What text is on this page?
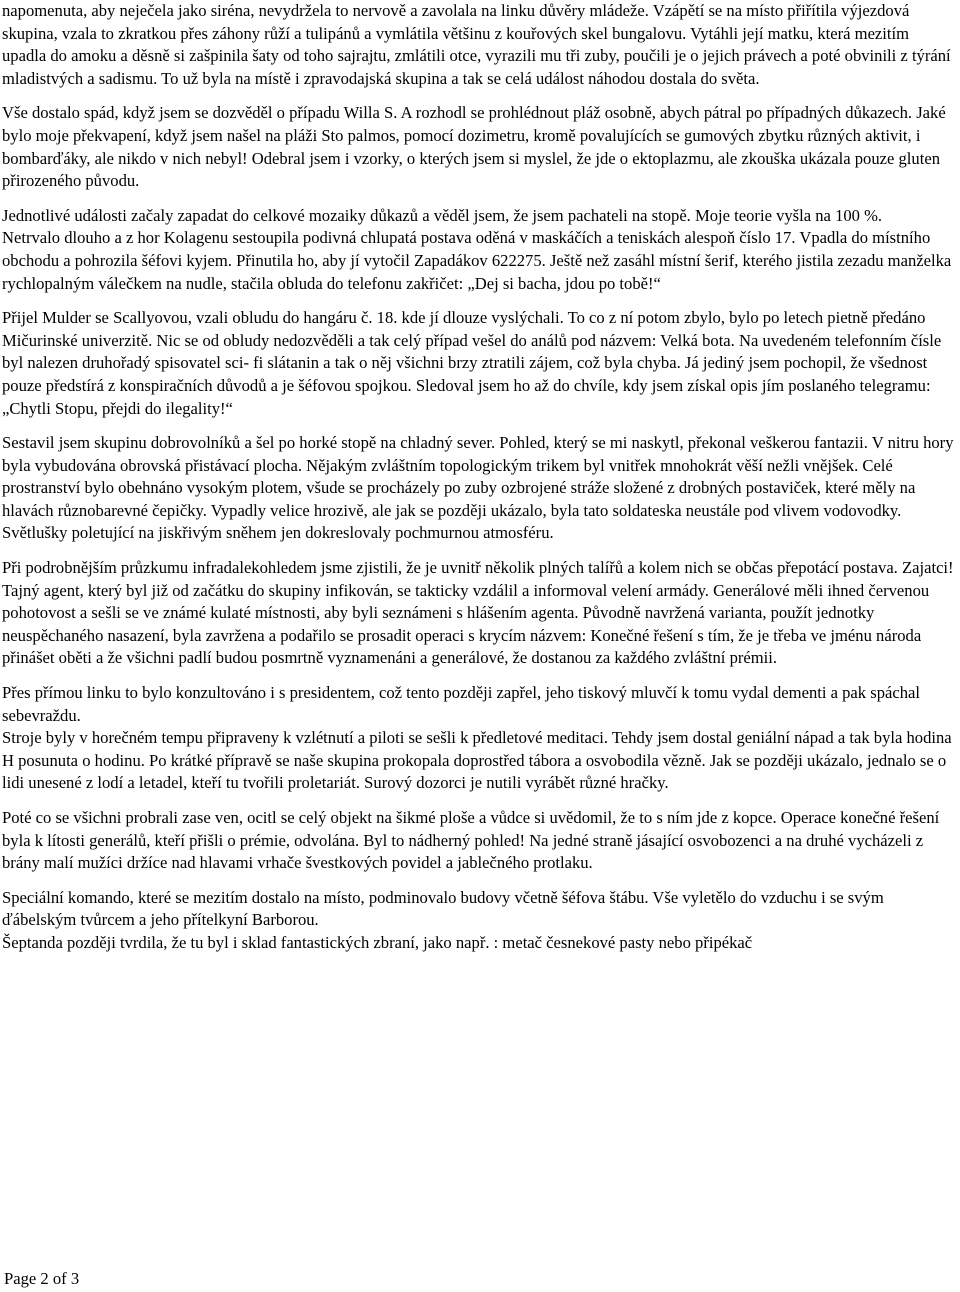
napomenuta, aby neječela jako siréna, nevydržela to nervově a zavolala na linku důvěry mládeže. Vzápětí se na místo přiřítila výjezdová skupina, vzala to zkratkou přes záhony růží a tulipánů a vymlátila většinu z kouřových skel bungalovu. Vytáhli její matku, která mezitím upadla do amoku a děsně si zašpinila šaty od toho sajrajtu, zmlátili otce, vyrazili mu tři zuby, poučili je o jejich právech a poté obvinili z týrání mladistvých a sadismu. To už byla na místě i zpravodajská skupina a tak se celá událost náhodou dostala do světa.

Vše dostalo spád, když jsem se dozvěděl o případu Willa S. A rozhodl se prohlédnout pláž osobně, abych pátral po případných důkazech. Jaké bylo moje překvapení, když jsem našel na pláži Sto palmos, pomocí dozimetru, kromě povalujících se gumových zbytku různých aktivit, i bombarďáky, ale nikdo v nich nebyl! Odebral jsem i vzorky, o kterých jsem si myslel, že jde o ektoplazmu, ale zkouška ukázala pouze gluten přirozeného původu.

Jednotlivé události začaly zapadat do celkové mozaiky důkazů a věděl jsem, že jsem pachateli na stopě. Moje teorie vyšla na 100 %.

Netrvalo dlouho a z hor Kolagenu sestoupila podivná chlupatá postava oděná v maskáčích a teniskách alespoň číslo 17. Vpadla do místního obchodu a pohrozila šéfovi kyjem. Přinutila ho, aby jí vytočil Zapadákov 622275. Ještě než zasáhl místní šerif, kterého jistila zezadu manželka rychlopalným válečkem na nudle, stačila obluda do telefonu zakřičet: „Dej si bacha, jdou po tobě!“

Přijel Mulder se Scallyovou, vzali obludu do hangáru č. 18. kde jí dlouze vyslýchali. To co z ní potom zbylo, bylo po letech pietně předáno Mičurinské univerzitě. Nic se od obludy nedozvěděli a tak celý případ vešel do análů pod názvem: Velká bota. Na uvedeném telefonním čísle byl nalezen druhořadý spisovatel sci- fi slátanin a tak o něj všichni brzy ztratili zájem, což byla chyba. Já jediný jsem pochopil, že všednost pouze předstírá z konspiračních důvodů a je šéfovou spojkou. Sledoval jsem ho až do chvíle, kdy jsem získal opis jím poslaného telegramu: „Chytli Stopu, přejdi do ilegality!“

Sestavil jsem skupinu dobrovolníků a šel po horké stopě na chladný sever. Pohled, který se mi naskytl, překonal veškerou fantazii. V nitru hory byla vybudována obrovská přistávací plocha. Nějakým zvláštním topologickým trikem byl vnitřek mnohokrát věší nežli vnějšek. Celé prostranství bylo obehnáno vysokým plotem, všude se procházely po zuby ozbrojené stráže složené z drobných postaviček, které měly na hlavách různobarevné čepičky. Vypadly velice hrozivě, ale jak se později ukázalo, byla tato soldateska neustále pod vlivem vodovodky. Světlušky poletující na jiskřivým sněhem jen dokreslovaly pochmurnou atmosféru.

Při podrobnějším průzkumu infradalekohledem jsme zjistili, že je uvnitř několik plných talířů a kolem nich se občas přepotácí postava. Zajatci!

Tajný agent, který byl již od začátku do skupiny infikován, se takticky vzdálil a informoval velení armády. Generálové měli ihned červenou pohotovost a sešli se ve známé kulaté místnosti, aby byli seznámeni s hlášením agenta. Původně navržená varianta, použít jednotky neuspěchaného nasazení, byla zavržena a podařilo se prosadit operaci s krycím názvem: Konečné řešení s tím, že je třeba ve jménu národa přinášet oběti a že všichni padlí budou posmrtně vyznamenáni a generálové, že dostanou za každého zvláštní prémii.

Přes přímou linku to bylo konzultováno i s presidentem, což tento později zapřel, jeho tiskový mluvčí k tomu vydal dementi a pak spáchal sebevraždu.

Stroje byly v horečném tempu připraveny k vzlétnutí a piloti se sešli k předletové meditaci. Tehdy jsem dostal geniální nápad a tak byla hodina H posunuta o hodinu. Po krátké přípravě se naše skupina prokopala doprostřed tábora a osvobodila vězně. Jak se později ukázalo, jednalo se o lidi unesené z lodí a letadel, kteří tu tvořili proletariát. Surový dozorci je nutili vyrábět různé hračky.

Poté co se všichni probrali zase ven, ocitl se celý objekt na šikmé ploše a vůdce si uvědomil, že to s ním jde z kopce. Operace konečné řešení byla k lítosti generálů, kteří přišli o prémie, odvolána. Byl to nádherný pohled! Na jedné straně jásající osvobozenci a na druhé vycházeli z brány malí mužíci držíce nad hlavami vrhače švestkových povidel a jablečného protlaku.

Speciální komando, které se mezitím dostalo na místo, podminovalo budovy včetně šéfova štábu. Vše vyletělo do vzduchu i se svým ďábelským tvůrcem a jeho přítelkyní Barborou.

Šeptanda později tvrdila, že tu byl i sklad fantastických zbraní, jako např. : metač česnekové pasty nebo připékač

Page 2 of 3
